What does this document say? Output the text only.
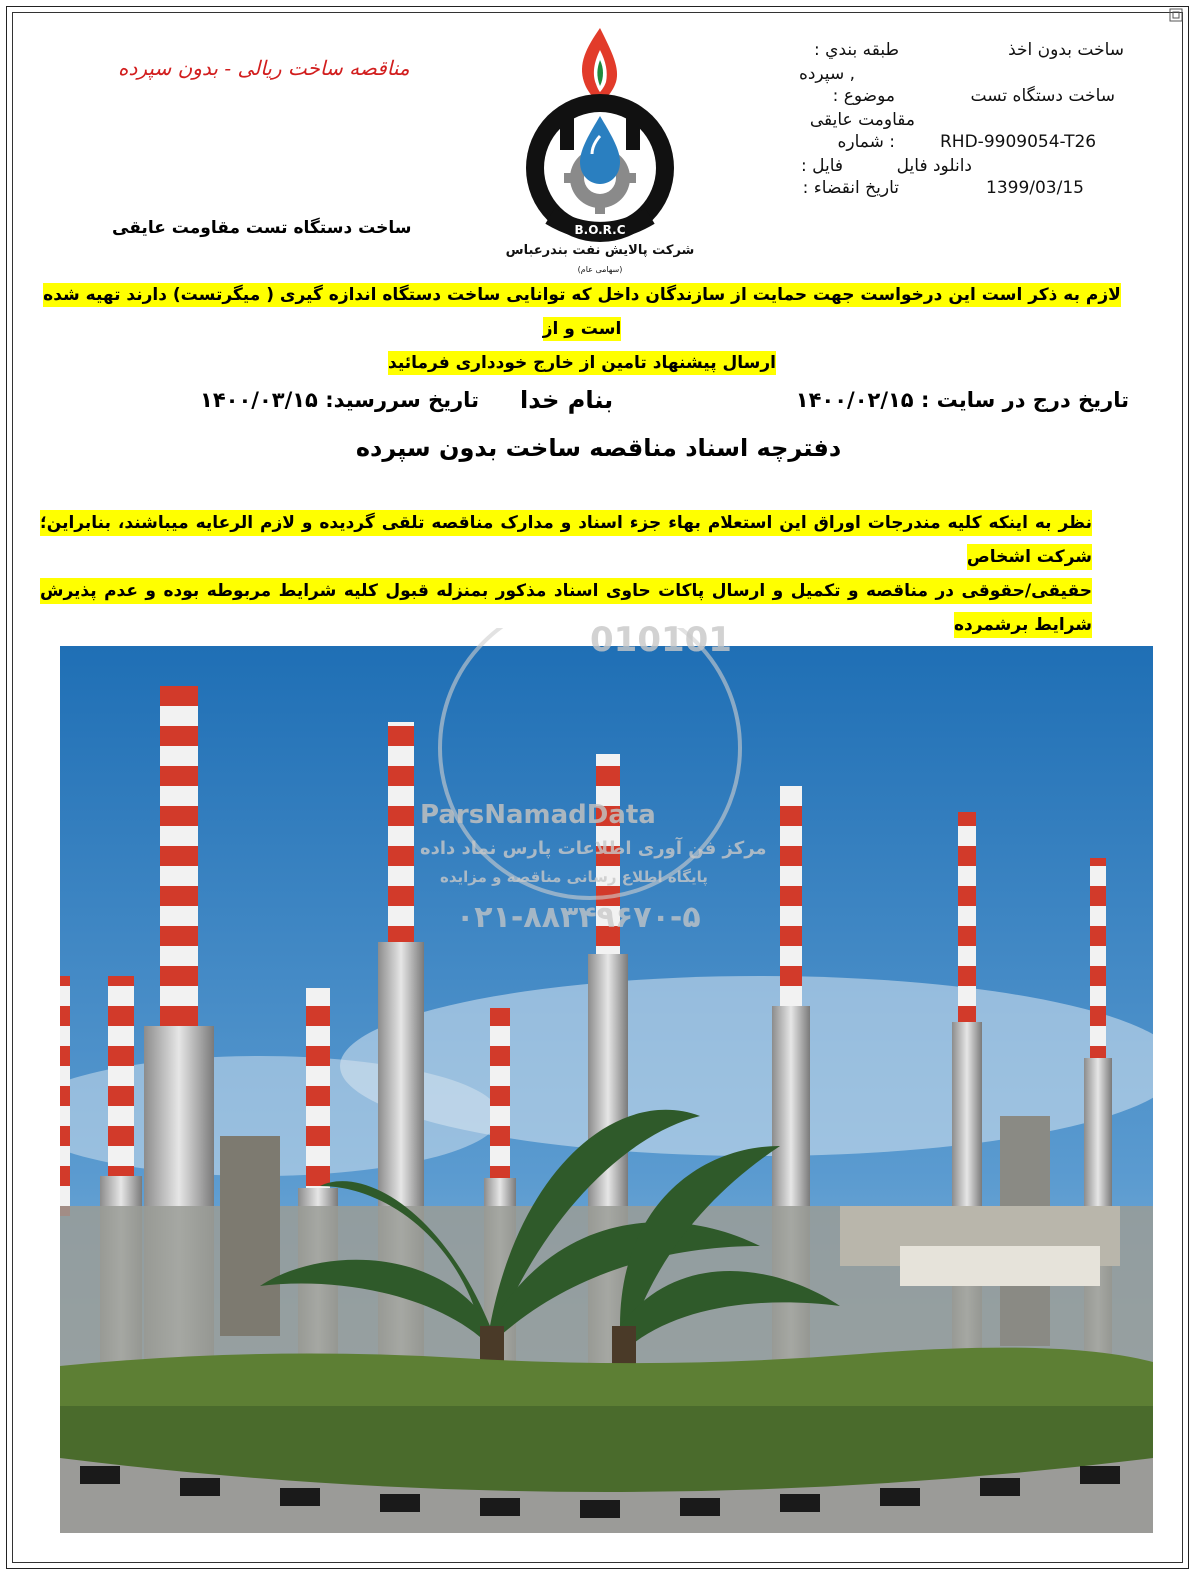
مناقصه ساخت ریالی - بدون سپرده
ساخت دستگاه تست مقاومت عایقی	B.O.R.C
شرکت پالایش نفت بندرعباس
(سهامی عام)
ساخت بدون اخذ
طبقه بندي :
, سپرده
ساخت دستگاه تست
موضوع :
مقاومت عایقی
RHD-9909054-T26
: شماره
دانلود فایل
فایل :
1399/03/15
تاریخ انقضاء :
لازم به ذکر است این درخواست جهت حمایت از سازندگان داخل که توانایی ساخت دستگاه اندازه گیری ( میگرتست) دارند تهیه شده است و از
ارسال پیشنهاد تامین از خارج خودداری فرمائید
تاریخ درج در سایت : ۱۴۰۰/۰۲/۱۵
بنام خدا
تاریخ سررسید: ۱۴۰۰/۰۳/۱۵
دفترچه اسناد مناقصه ساخت بدون سپرده
نظر به اینکه کلیه مندرجات اوراق این استعلام بهاء جزء اسناد و مدارک مناقصه تلقی گردیده و لازم الرعایه میباشند، بنابراین؛ شرکت اشخاص
حقیقی/حقوقی در مناقصه و تکمیل و ارسال پاکات حاوی اسناد مذکور بمنزله قبول کلیه شرایط مربوطه بوده و عدم پذیرش شرایط برشمرده

010101
ParsNamadData
مرکز فن آوری اطلاعات پارس نماد داده
پایگاه اطلاع رسانی مناقصه و مزایده
۰۲۱-۸۸۳۴۹۶۷۰-۵
